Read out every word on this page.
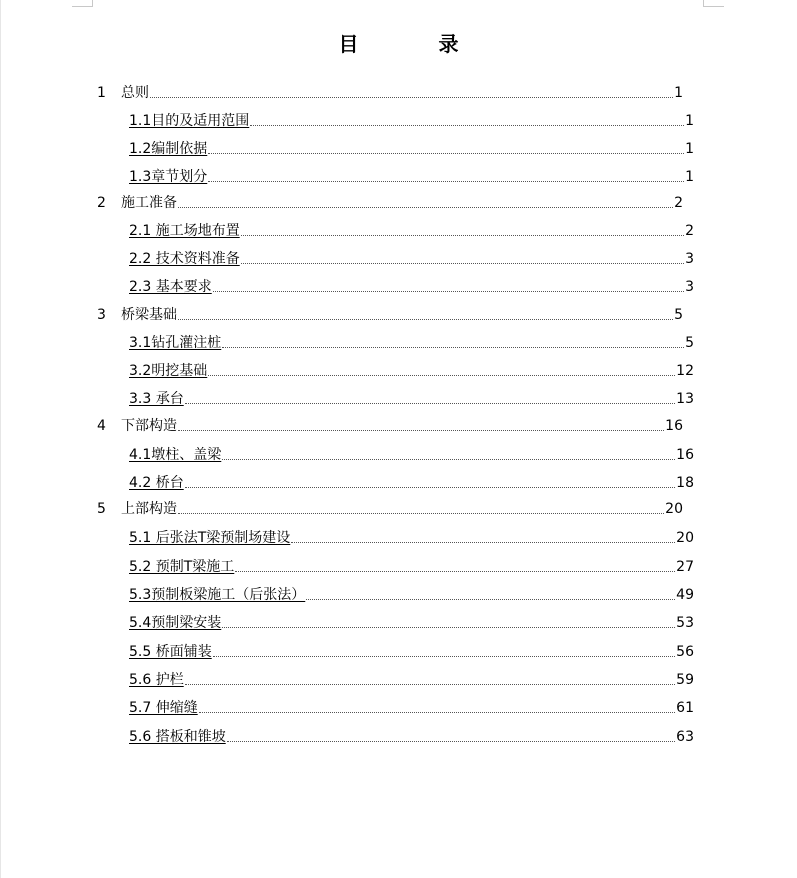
目　录
1	总则	1
1.1目的及适用范围	1
1.2编制依据	1
1.3章节划分	1
2	施工准备	2
2.1 施工场地布置	2
2.2 技术资料准备	3
2.3 基本要求	3
3	桥梁基础	5
3.1钻孔灌注桩	5
3.2明挖基础	12
3.3 承台	13
4	下部构造	16
4.1墩柱、盖梁	16
4.2 桥台	18
5	上部构造	20
5.1 后张法T梁预制场建设	20
5.2 预制T梁施工	27
5.3预制板梁施工（后张法）	49
5.4预制梁安装	53
5.5 桥面铺装	56
5.6 护栏	59
5.7 伸缩缝	61
5.6 搭板和锥坡	63
